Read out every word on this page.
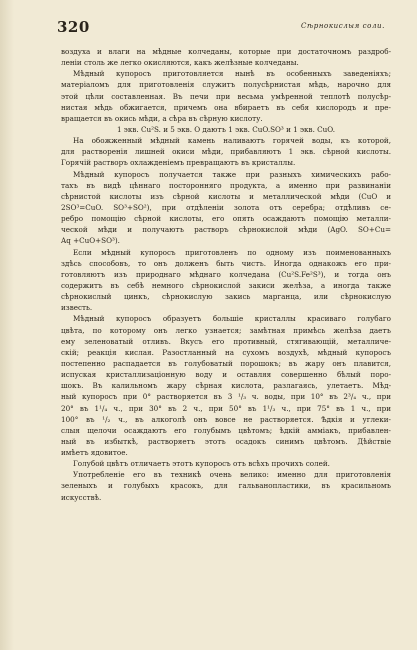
320	Сѣрнокислыя соли.
воздуха и влаги на мѣдные колчеданы, которые при достаточномъ раздроб-
леніи столь же легко окисляются, какъ желѣзные колчеданы.
Мѣдный купоросъ приготовляется нынѣ въ особенныхъ заведеніяхъ;
матеріаломъ для приготовленія служитъ полусѣрнистая мѣдь, нарочно для
этой цѣли составленная. Въ печи при весьма умѣренной теплотѣ полусѣр-
нистая мѣдь обжигается, причемъ она вбираетъ въ себя кислородъ и пре-
вращается въ окись мѣди, а сѣра въ сѣрную кислоту.
1 экв. Cu²S. и 5 экв. O даютъ 1 экв. CuO.SO³ и 1 экв. CuO.
На обожженный мѣдный камень наливаютъ горячей воды, къ которой,
для растворенія лишней окиси мѣди, прибавляютъ 1 экв. сѣрной кислоты.
Горячій растворъ охлажденіемъ превращаютъ въ кристаллы.
Мѣдный купоросъ получается также при разныхъ химическихъ рабо-
тахъ въ видѣ цѣннаго посторонняго продукта, а именно при развинаніи
сѣрнистой кислоты изъ сѣрной кислоты и металлической мѣди (CuO и
2SO³=CuO. SO³+SO²), при отдѣленіи золота отъ серебра; отдѣливъ се-
ребро помощію сѣрной кислоты, его опять осаждаютъ помощію металли-
ческой мѣди и получаютъ растворъ сѣрнокислой мѣди (AgO. SO+Cu=
Aq +CuO+SO³).
Если мѣдный купоросъ приготовленъ по одному изъ поименованныхъ
здѣсь способовъ, то онъ долженъ быть чистъ. Иногда однакожъ его при-
готовляютъ изъ природнаго мѣднаго колчедана (Cu²S.Fe²S³), и тогда онъ
содержитъ въ себѣ немного сѣрнокислой закиси желѣза, а иногда также
сѣрнокислый цинкъ, сѣрнокислую закись марганца, или сѣрнокислую
известь.
Мѣдный купоросъ образуетъ большіе кристаллы красиваго голубаго
цвѣта, по которому онъ легко узнается; замѣтная примѣсь желѣза даетъ
ему зеленоватый отливъ. Вкусъ его противный, стягивающій, металличе-
скій; реакція кислая. Разостланный на сухомъ воздухѣ, мѣдный купоросъ
постепенно распадается въ голубоватый порошокъ; въ жару онъ плавится,
испуская кристаллизаціонную воду и оставляя совершенно бѣлый поро-
шокъ. Въ калильномъ жару сѣрная кислота, разлагаясь, улетаетъ. Мѣд-
ный купоросъ при 0° растворяется въ 3 ¹/₃ ч. воды, при 10° въ 2³/₄ ч., при
20° въ 1¹/₄ ч., при 30° въ 2 ч., при 50° въ 1¹/₃ ч., при 75° въ 1 ч., при
100° въ ¹/₂ ч., въ алкоголѣ онъ вовсе не растворяется. Ѣдкія и углеки-
слыя щелочи осаждаютъ его голубымъ цвѣтомъ; ѣдкій амміакъ, прибавлен-
ный въ избыткѣ, растворяетъ этотъ осадокъ синимъ цвѣтомъ. Дѣйствіе
имѣетъ ядовитое.
Голубой цвѣтъ отличаетъ этотъ купоросъ отъ всѣхъ прочихъ солей.
Употребленіе его въ техникѣ очень велико: именно для приготовленія
зеленыхъ и голубыхъ красокъ, для гальванопластики, въ красильномъ
искусствѣ.
